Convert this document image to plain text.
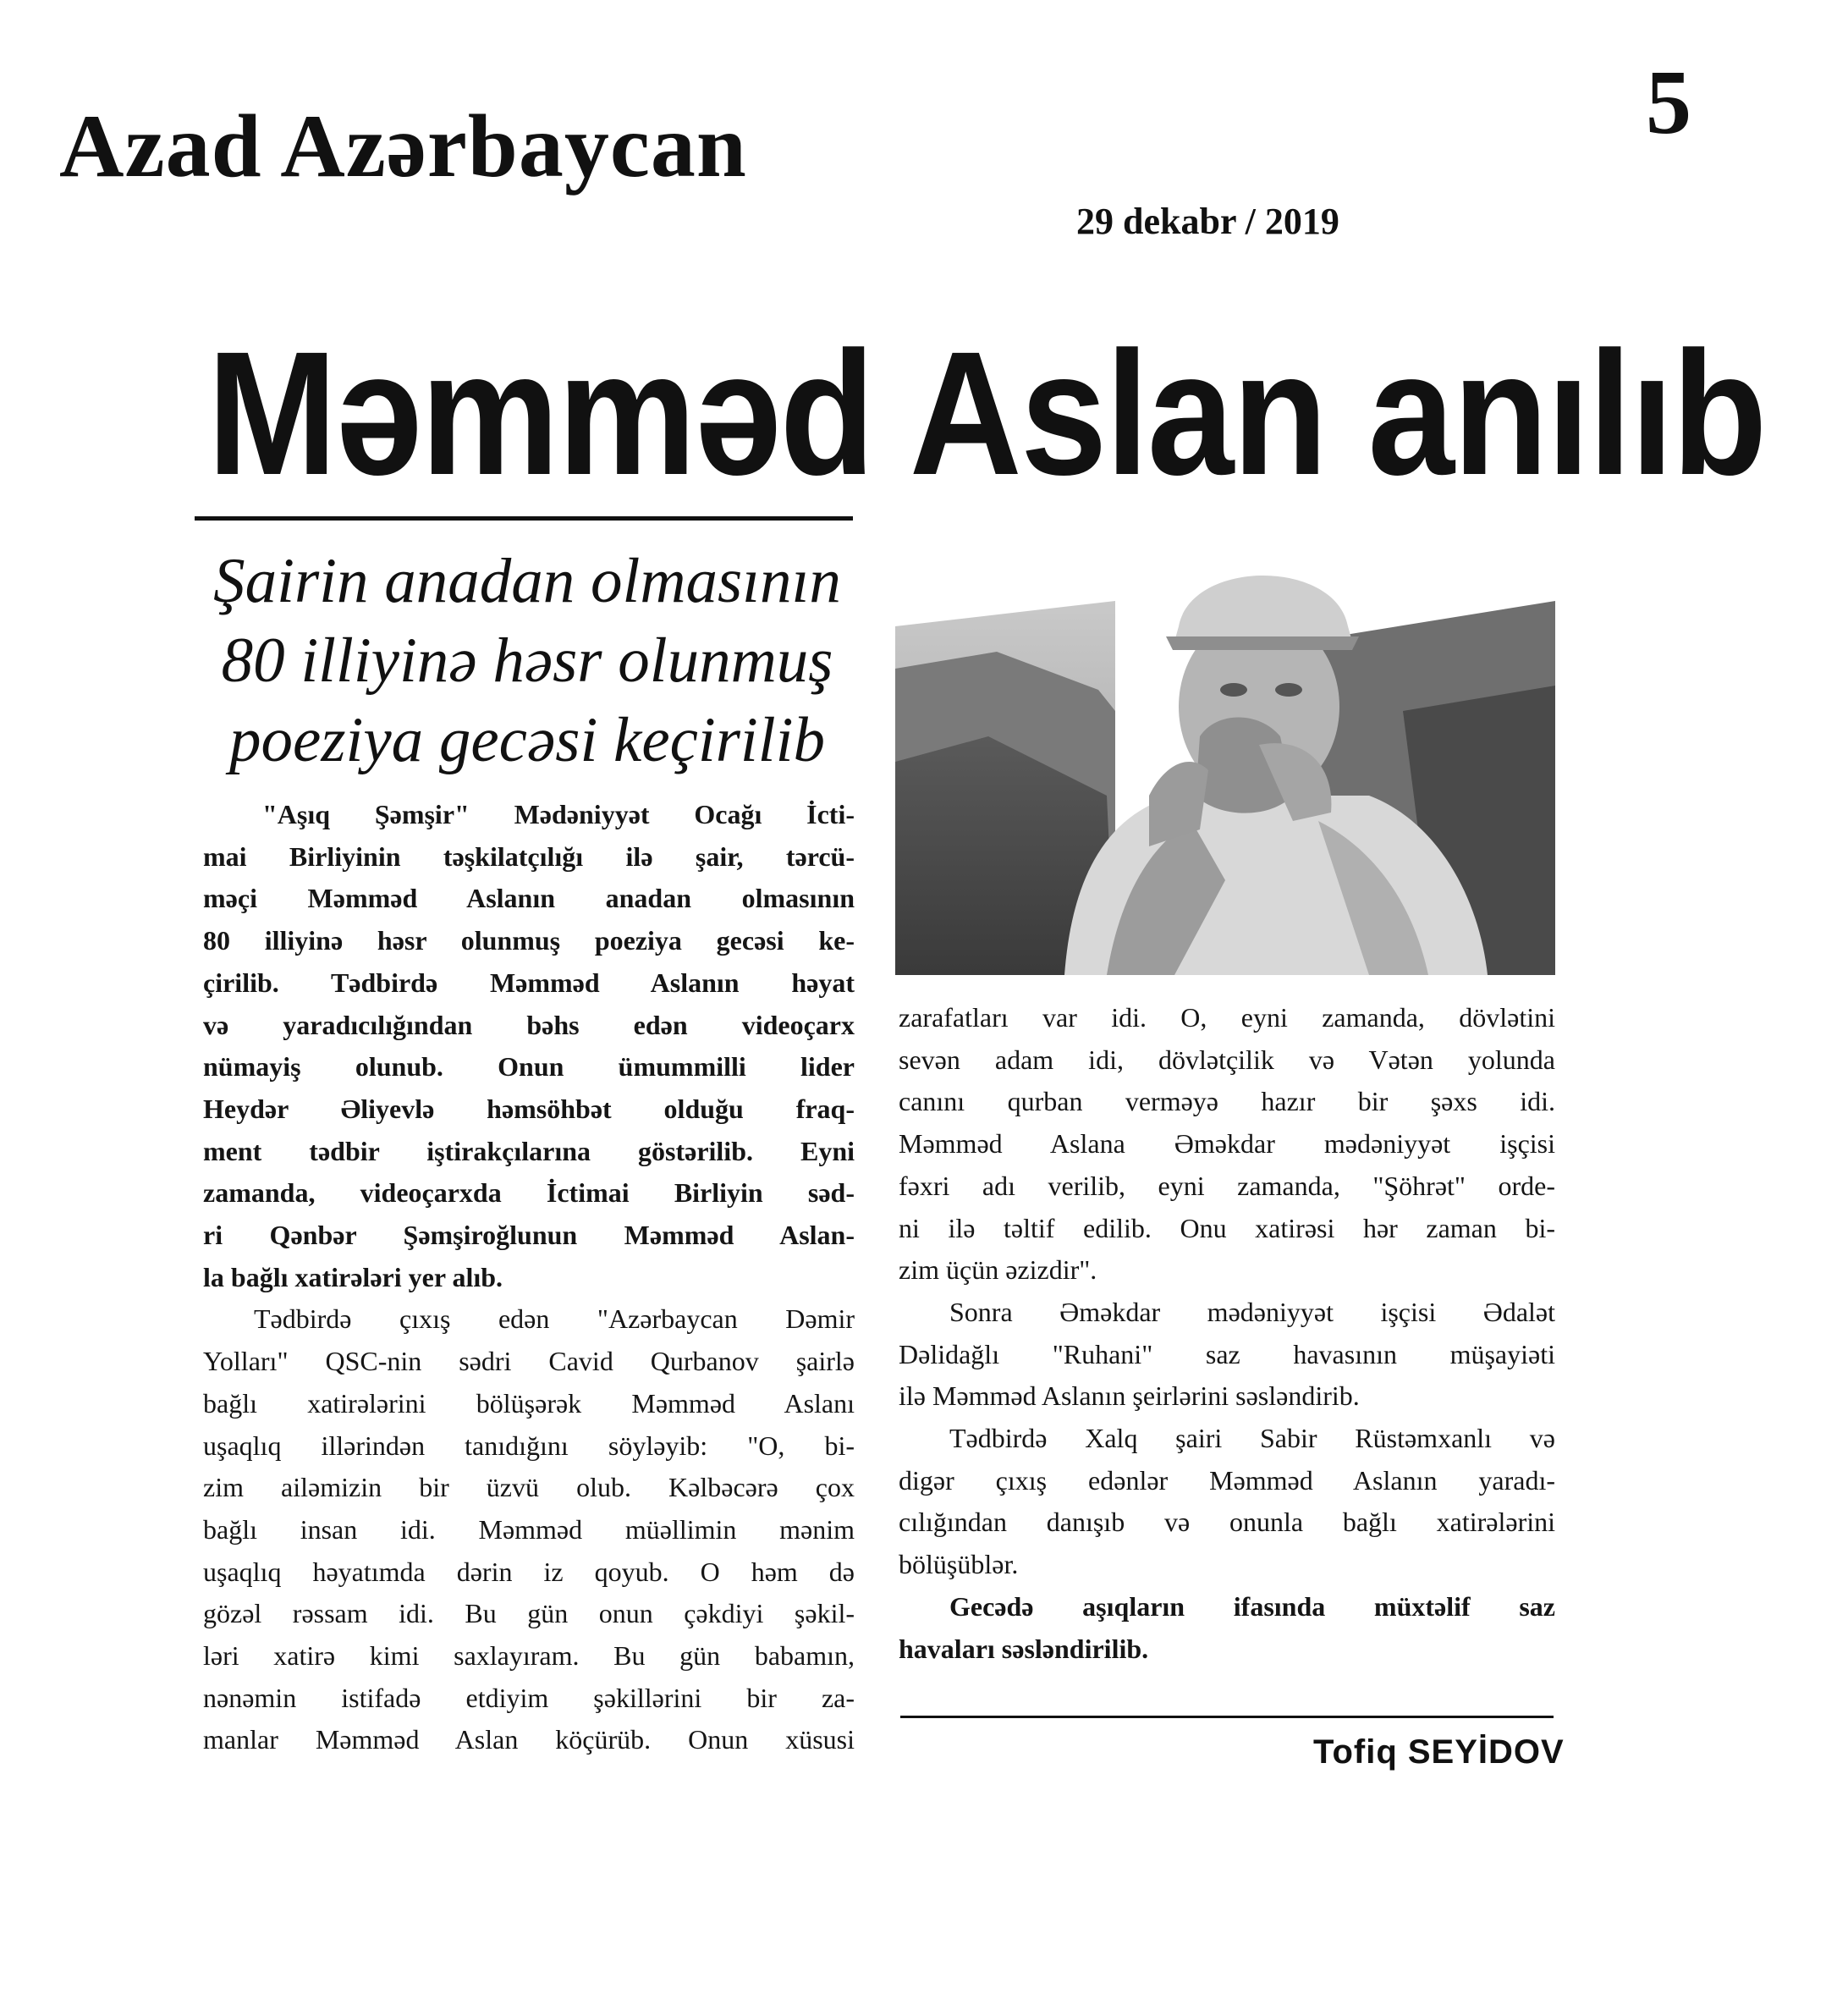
Azad Azərbaycan	5
29 dekabr / 2019
Məmməd Aslan anılıb
Şairin anadan olmasının
80 illiyinə həsr olunmuş
poeziya gecəsi keçirilib
"Aşıq Şəmşir" Mədəniyyət Ocağı İcti-
mai Birliyinin təşkilatçılığı ilə şair, tərcü-
məçi Məmməd Aslanın anadan olmasının
80 illiyinə həsr olunmuş poeziya gecəsi ke-
çirilib. Tədbirdə Məmməd Aslanın həyat
və yaradıcılığından bəhs edən videoçarx
nümayiş olunub. Onun ümummilli lider
Heydər Əliyevlə həmsöhbət olduğu fraq-
ment tədbir iştirakçılarına göstərilib. Eyni
zamanda, videoçarxda İctimai Birliyin səd-
ri Qənbər Şəmşiroğlunun Məmməd Aslan-
la bağlı xatirələri yer alıb.
Tədbirdə çıxış edən "Azərbaycan Dəmir
Yolları" QSC-nin sədri Cavid Qurbanov şairlə
bağlı xatirələrini bölüşərək Məmməd Aslanı
uşaqlıq illərindən tanıdığını söyləyib: "O, bi-
zim ailəmizin bir üzvü olub. Kəlbəcərə çox
bağlı insan idi. Məmməd müəllimin mənim
uşaqlıq həyatımda dərin iz qoyub. O həm də
gözəl rəssam idi. Bu gün onun çəkdiyi şəkil-
ləri xatirə kimi saxlayıram. Bu gün babamın,
nənəmin istifadə etdiyim şəkillərini bir za-
manlar Məmməd Aslan köçürüb. Onun xüsusi
zarafatları var idi. O, eyni zamanda, dövlətini
sevən adam idi, dövlətçilik və Vətən yolunda
canını qurban verməyə hazır bir şəxs idi.
Məmməd Aslana Əməkdar mədəniyyət işçisi
fəxri adı verilib, eyni zamanda, "Şöhrət" orde-
ni ilə təltif edilib. Onu xatirəsi hər zaman bi-
zim üçün əzizdir".
Sonra Əməkdar mədəniyyət işçisi Ədalət
Dəlidağlı "Ruhani" saz havasının müşayiəti
ilə Məmməd Aslanın şeirlərini səsləndirib.
Tədbirdə Xalq şairi Sabir Rüstəmxanlı və
digər çıxış edənlər Məmməd Aslanın yaradı-
cılığından danışıb və onunla bağlı xatirələrini
bölüşüblər.
Gecədə aşıqların ifasında müxtəlif saz
havaları səsləndirilib.
Tofiq SEYİDOV
